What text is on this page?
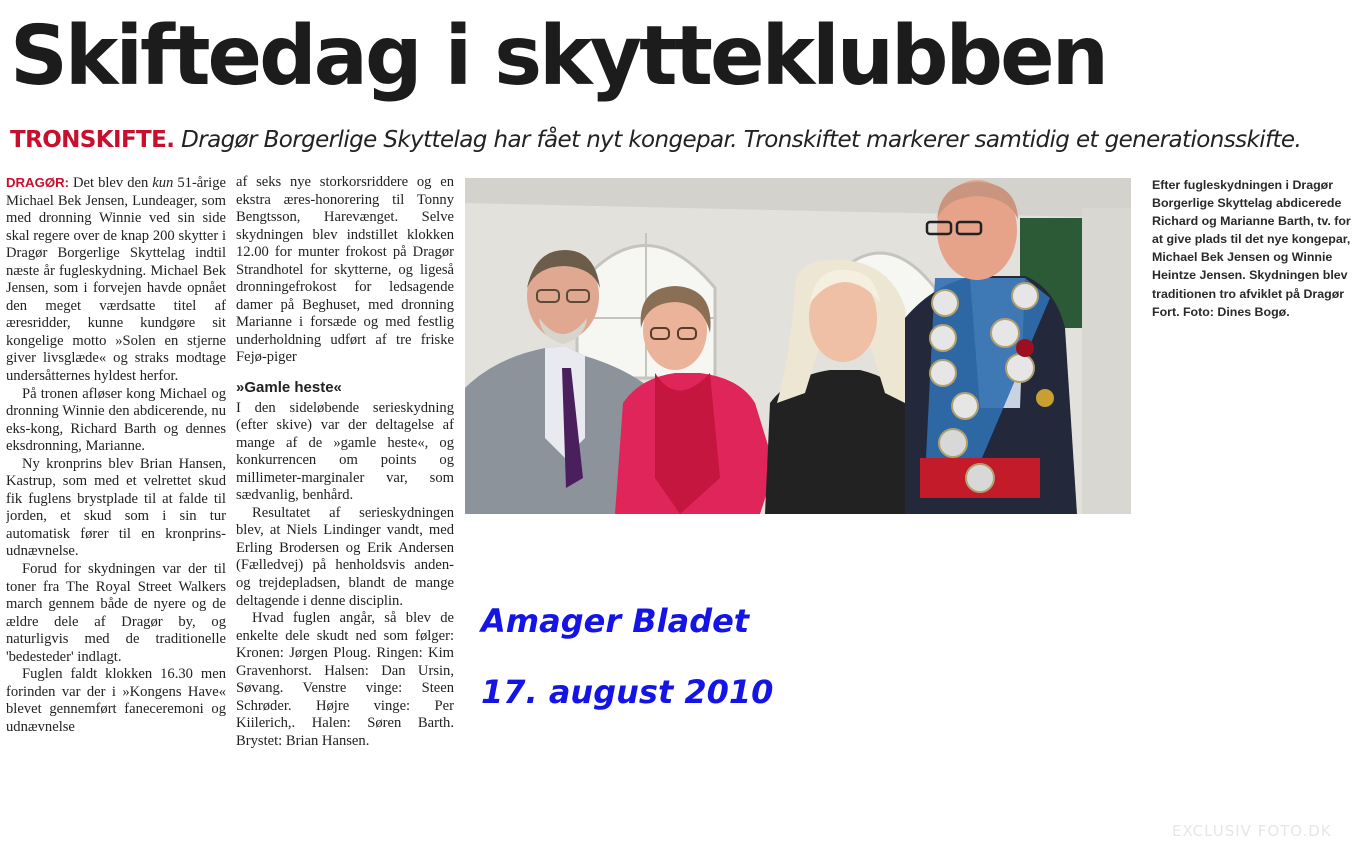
Skiftedag i skytteklubben
TRONSKIFTE. Dragør Borgerlige Skyttelag har fået nyt kongepar. Tronskiftet markerer samtidig et generationsskifte.

DRAGØR: Det blev den kun 51-årige Michael Bek Jensen, Lundeager, som med dronning Winnie ved sin side skal regere over de knap 200 skytter i Dragør Borgerlige Skyttelag indtil næste år fugleskydning. Michael Bek Jensen, som i forvejen havde opnået den meget værdsatte titel af æresridder, kunne kundgøre sit kongelige motto »Solen en stjerne giver livsglæde« og straks modtage undersåtternes hyldest herfor.

På tronen afløser kong Michael og dronning Winnie den abdicerende, nu eks-kong, Richard Barth og dennes eksdronning, Marianne.

Ny kronprins blev Brian Hansen, Kastrup, som med et velrettet skud fik fuglens brystplade til at falde til jorden, et skud som i sin tur automatisk fører til en kronprins-udnævnelse.

Forud for skydningen var der til toner fra The Royal Street Walkers march gennem både de nyere og de ældre dele af Dragør by, og naturligvis med de traditionelle 'bedesteder' indlagt.

Fuglen faldt klokken 16.30 men forinden var der i »Kongens Have« blevet gennemført faneceremoni og udnævnelse

af seks nye storkorsriddere og en ekstra æres-honorering til Tonny Bengtsson, Harevænget. Selve skydningen blev indstillet klokken 12.00 for munter frokost på Dragør Strandhotel for skytterne, og ligeså dronningefrokost for ledsagende damer på Beghuset, med dronning Marianne i forsæde og med festlig underholdning udført af tre friske Fejø-piger

»Gamle heste«

I den sideløbende serieskydning (efter skive) var der deltagelse af mange af de »gamle heste«, og konkurrencen om points og millimeter-marginaler var, som sædvanlig, benhård.

Resultatet af serieskydningen blev, at Niels Lindinger vandt, med Erling Brodersen og Erik Andersen (Fælledvej) på henholdsvis anden- og trejdepladsen, blandt de mange deltagende i denne disciplin.

Hvad fuglen angår, så blev de enkelte dele skudt ned som følger: Kronen: Jørgen Ploug. Ringen: Kim Gravenhorst. Halsen: Dan Ursin, Søvang. Venstre vinge: Steen Schrøder. Højre vinge: Per Kiilerich,. Halen: Søren Barth. Brystet: Brian Hansen.

Efter fugleskydningen i Dragør Borgerlige Skyttelag abdicerede Richard og Marianne Barth, tv. for at give plads til det nye kongepar, Michael Bek Jensen og Winnie Heintze Jensen. Skydningen blev traditionen tro afviklet på Dragør Fort. Foto: Dines Bogø.

Amager Bladet

17. august 2010

EXCLUSIV FOTO.DK
